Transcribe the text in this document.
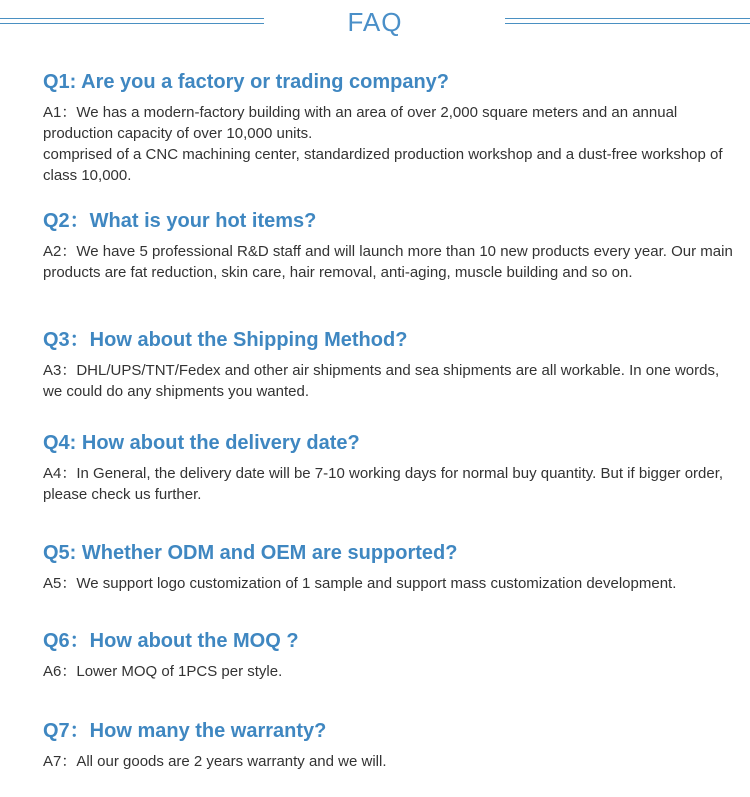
FAQ
Q1: Are you a factory or trading company?

A1：We has a modern-factory building with an area of over 2,000 square meters and an annual production capacity of over 10,000 units.

comprised of a CNC machining center, standardized production workshop and a dust-free workshop of class 10,000.

Q2：What is your hot items?

A2：We have 5 professional R&D staff and will launch more than 10 new products every year. Our main products are fat reduction, skin care, hair removal, anti-aging, muscle building and so on.

Q3：How about the Shipping Method?

A3：DHL/UPS/TNT/Fedex and other air shipments and sea shipments are all workable. In one words, we could do any shipments you wanted.

Q4: How about the delivery date?

A4：In General, the delivery date will be 7-10 working days for normal buy quantity. But if bigger order, please check us further.

Q5: Whether ODM and OEM are supported?

A5：We support logo customization of 1 sample and support mass customization development.

Q6：How about the MOQ ?

A6：Lower MOQ of 1PCS per style.

Q7：How many the warranty?

A7：All our goods are 2 years warranty and we will.
